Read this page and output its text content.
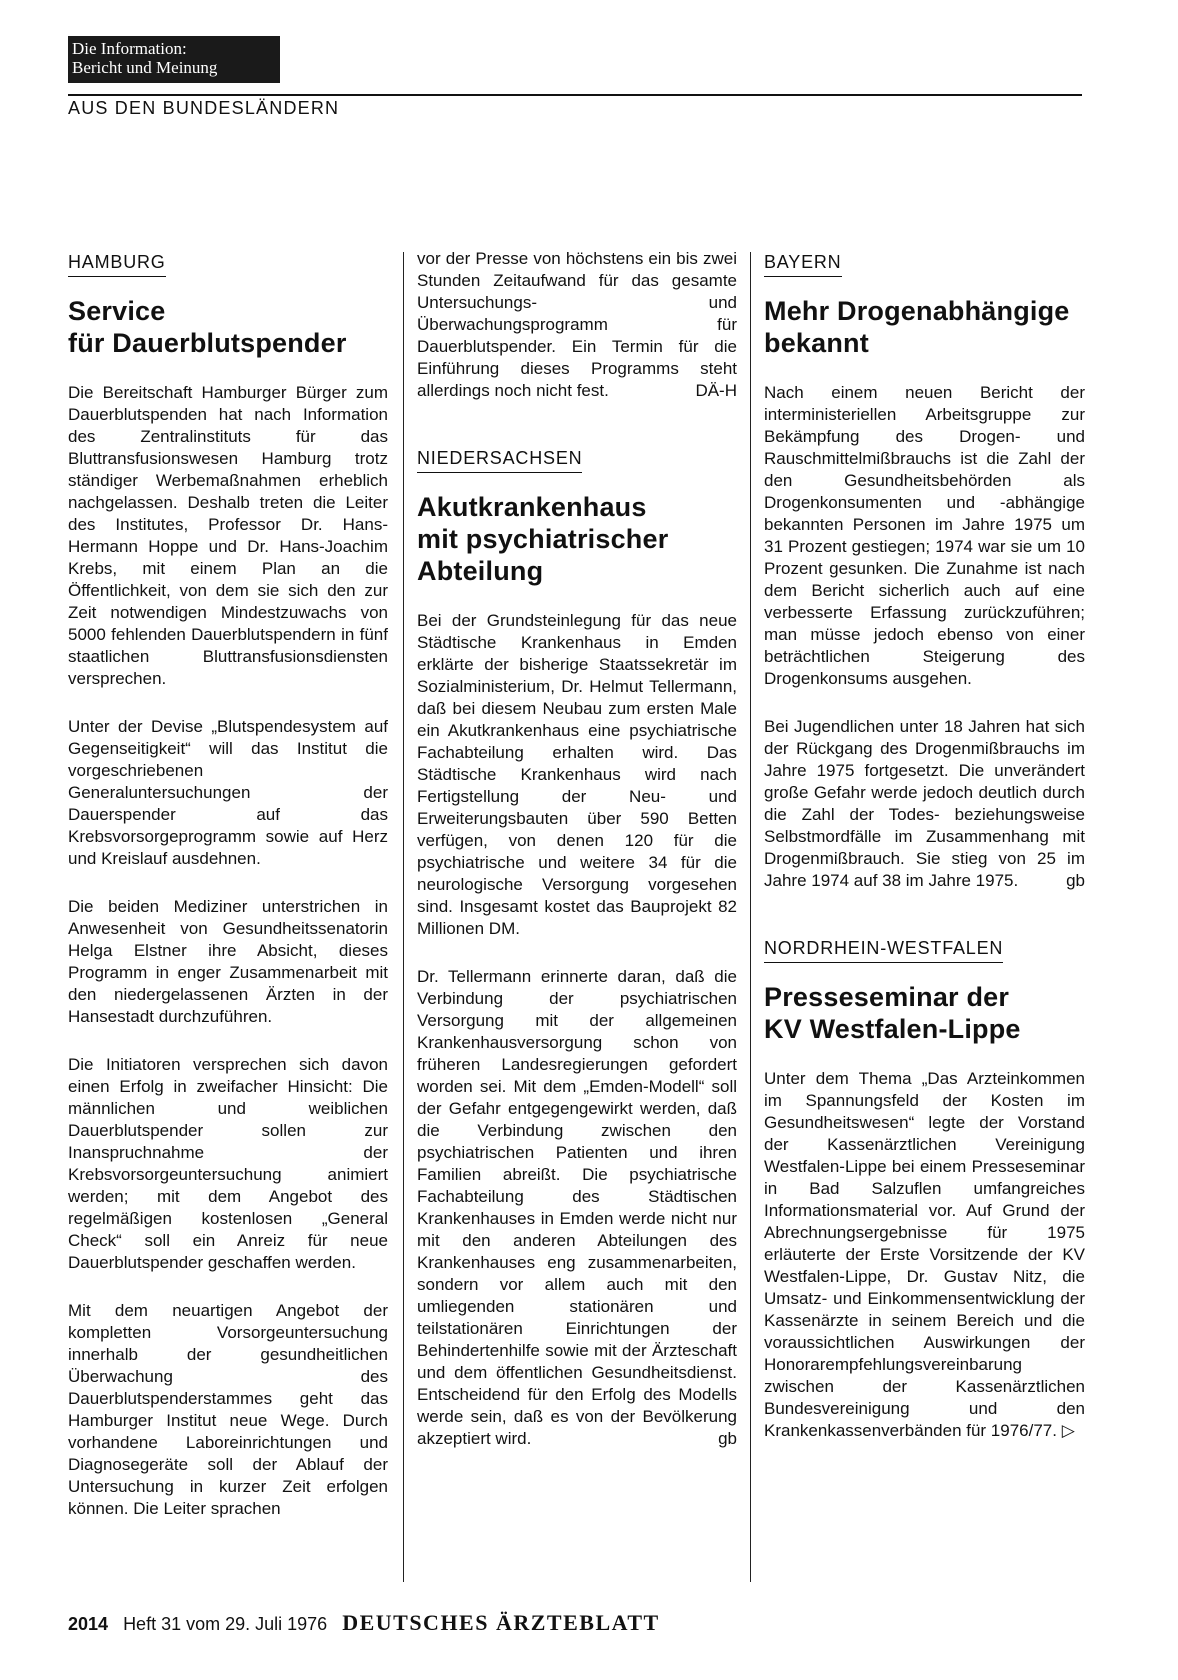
Die Information:
Bericht und Meinung
AUS DEN BUNDESLÄNDERN
HAMBURG
Service
für Dauerblutspender

Die Bereitschaft Hamburger Bürger zum Dauerblutspenden hat nach Information des Zentralinstituts für das Bluttransfusionswesen Hamburg trotz ständiger Werbemaßnahmen erheblich nachgelassen. Deshalb treten die Leiter des Institutes, Professor Dr. Hans-Hermann Hoppe und Dr. Hans-Joachim Krebs, mit einem Plan an die Öffentlichkeit, von dem sie sich den zur Zeit notwendigen Mindestzuwachs von 5000 fehlenden Dauerblutspendern in fünf staatlichen Bluttransfusionsdiensten versprechen.

Unter der Devise „Blutspendesystem auf Gegenseitigkeit“ will das Institut die vorgeschriebenen Generaluntersuchungen der Dauerspender auf das Krebsvorsorgeprogramm sowie auf Herz und Kreislauf ausdehnen.

Die beiden Mediziner unterstrichen in Anwesenheit von Gesundheitssenatorin Helga Elstner ihre Absicht, dieses Programm in enger Zusammenarbeit mit den niedergelassenen Ärzten in der Hansestadt durchzuführen.

Die Initiatoren versprechen sich davon einen Erfolg in zweifacher Hinsicht: Die männlichen und weiblichen Dauerblutspender sollen zur Inanspruchnahme der Krebsvorsorgeuntersuchung animiert werden; mit dem Angebot des regelmäßigen kostenlosen „General Check“ soll ein Anreiz für neue Dauerblutspender geschaffen werden.

Mit dem neuartigen Angebot der kompletten Vorsorgeuntersuchung innerhalb der gesundheitlichen Überwachung des Dauerblutspenderstammes geht das Hamburger Institut neue Wege. Durch vorhandene Laboreinrichtungen und Diagnosegeräte soll der Ablauf der Untersuchung in kurzer Zeit erfolgen können. Die Leiter sprachen

vor der Presse von höchstens ein bis zwei Stunden Zeitaufwand für das gesamte Untersuchungs- und Überwachungsprogramm für Dauerblutspender. Ein Termin für die Einführung dieses Programms steht allerdings noch nicht fest.	DÄ-H

NIEDERSACHSEN
Akutkrankenhaus
mit psychiatrischer
Abteilung

Bei der Grundsteinlegung für das neue Städtische Krankenhaus in Emden erklärte der bisherige Staatssekretär im Sozialministerium, Dr. Helmut Tellermann, daß bei diesem Neubau zum ersten Male ein Akutkrankenhaus eine psychiatrische Fachabteilung erhalten wird. Das Städtische Krankenhaus wird nach Fertigstellung der Neu- und Erweiterungsbauten über 590 Betten verfügen, von denen 120 für die psychiatrische und weitere 34 für die neurologische Versorgung vorgesehen sind. Insgesamt kostet das Bauprojekt 82 Millionen DM.

Dr. Tellermann erinnerte daran, daß die Verbindung der psychiatrischen Versorgung mit der allgemeinen Krankenhausversorgung schon von früheren Landesregierungen gefordert worden sei. Mit dem „Emden-Modell“ soll der Gefahr entgegengewirkt werden, daß die Verbindung zwischen den psychiatrischen Patienten und ihren Familien abreißt. Die psychiatrische Fachabteilung des Städtischen Krankenhauses in Emden werde nicht nur mit den anderen Abteilungen des Krankenhauses eng zusammenarbeiten, sondern vor allem auch mit den umliegenden stationären und teilstationären Einrichtungen der Behindertenhilfe sowie mit der Ärzteschaft und dem öffentlichen Gesundheitsdienst. Entscheidend für den Erfolg des Modells werde sein, daß es von der Bevölkerung akzeptiert wird.	gb

BAYERN
Mehr Drogenabhängige
bekannt

Nach einem neuen Bericht der interministeriellen Arbeitsgruppe zur Bekämpfung des Drogen- und Rauschmittelmißbrauchs ist die Zahl der den Gesundheitsbehörden als Drogenkonsumenten und -abhängige bekannten Personen im Jahre 1975 um 31 Prozent gestiegen; 1974 war sie um 10 Prozent gesunken. Die Zunahme ist nach dem Bericht sicherlich auch auf eine verbesserte Erfassung zurückzuführen; man müsse jedoch ebenso von einer beträchtlichen Steigerung des Drogenkonsums ausgehen.

Bei Jugendlichen unter 18 Jahren hat sich der Rückgang des Drogenmißbrauchs im Jahre 1975 fortgesetzt. Die unverändert große Gefahr werde jedoch deutlich durch die Zahl der Todes- beziehungsweise Selbstmordfälle im Zusammenhang mit Drogenmißbrauch. Sie stieg von 25 im Jahre 1974 auf 38 im Jahre 1975.	gb

NORDRHEIN-WESTFALEN
Presseseminar der
KV Westfalen-Lippe

Unter dem Thema „Das Arzteinkommen im Spannungsfeld der Kosten im Gesundheitswesen“ legte der Vorstand der Kassenärztlichen Vereinigung Westfalen-Lippe bei einem Presseseminar in Bad Salzuflen umfangreiches Informationsmaterial vor. Auf Grund der Abrechnungsergebnisse für 1975 erläuterte der Erste Vorsitzende der KV Westfalen-Lippe, Dr. Gustav Nitz, die Umsatz- und Einkommensentwicklung der Kassenärzte in seinem Bereich und die voraussichtlichen Auswirkungen der Honorarempfehlungsvereinbarung zwischen der Kassenärztlichen Bundesvereinigung und den Krankenkassenverbänden für 1976/77. ▷

2014 Heft 31 vom 29. Juli 1976 DEUTSCHES ÄRZTEBLATT
